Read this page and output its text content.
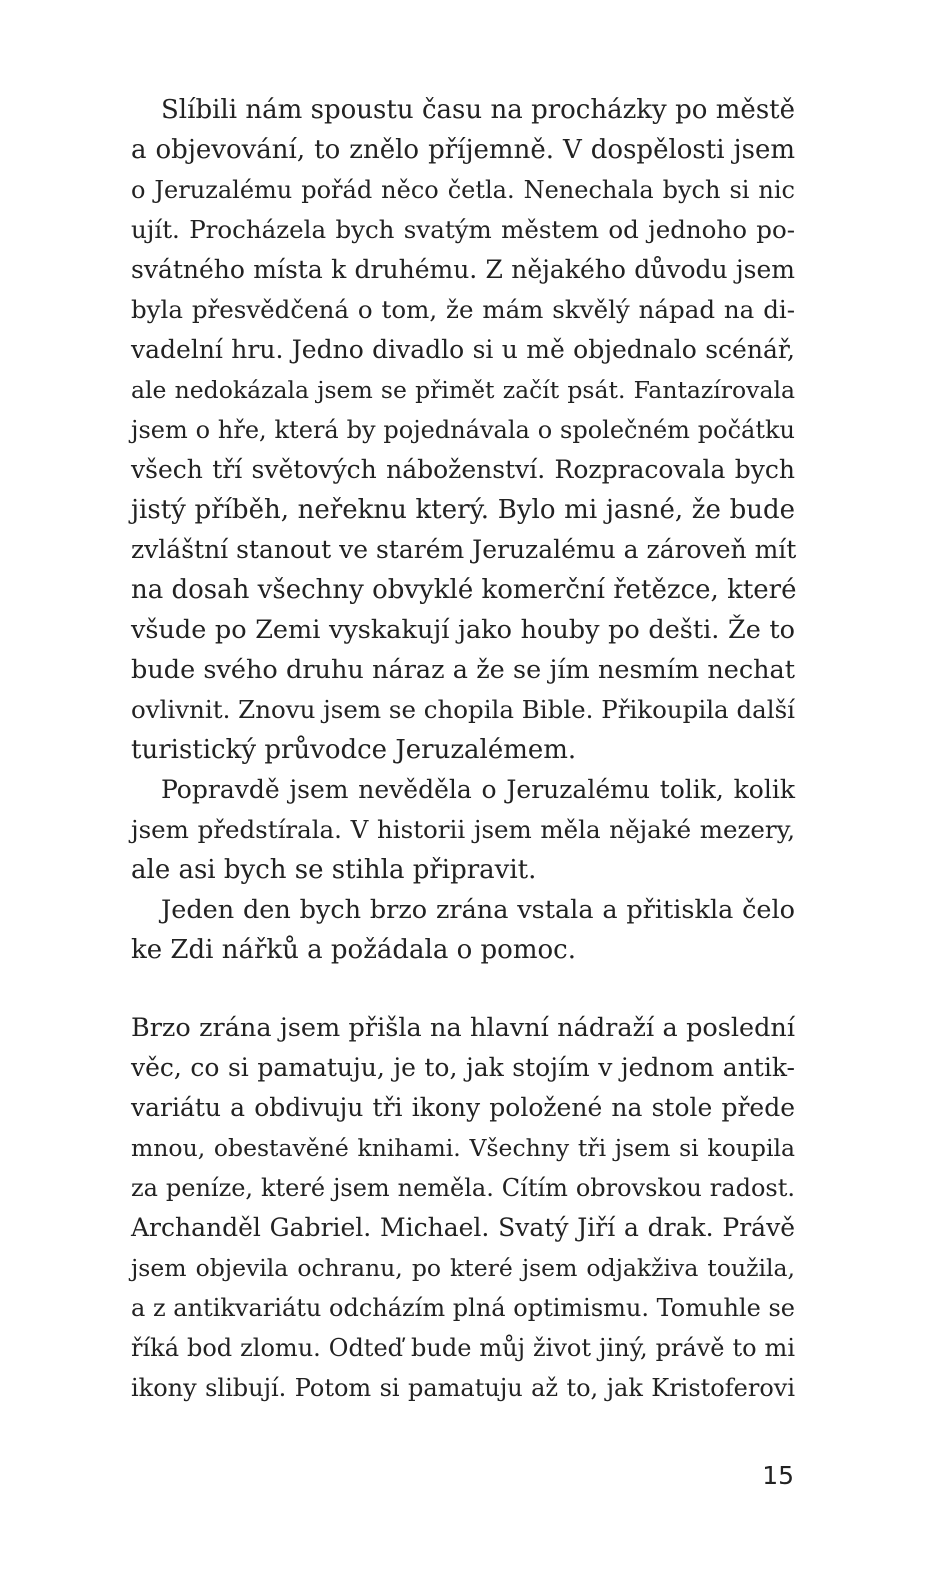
Slíbili nám spoustu času na procházky po městě
a objevování, to znělo příjemně. V dospělosti jsem
o Jeruzalému pořád něco četla. Nenechala bych si nic
ujít. Procházela bych svatým městem od jednoho po-
svátného místa k druhému. Z nějakého důvodu jsem
byla přesvědčená o tom, že mám skvělý nápad na di-
vadelní hru. Jedno divadlo si u mě objednalo scénář,
ale nedokázala jsem se přimět začít psát. Fantazírovala
jsem o hře, která by pojednávala o společném počátku
všech tří světových náboženství. Rozpracovala bych
jistý příběh, neřeknu který. Bylo mi jasné, že bude
zvláštní stanout ve starém Jeruzalému a zároveň mít
na dosah všechny obvyklé komerční řetězce, které
všude po Zemi vyskakují jako houby po dešti. Že to
bude svého druhu náraz a že se jím nesmím nechat
ovlivnit. Znovu jsem se chopila Bible. Přikoupila další
turistický průvodce Jeruzalémem.
Popravdě jsem nevěděla o Jeruzalému tolik, kolik
jsem předstírala. V historii jsem měla nějaké mezery,
ale asi bych se stihla připravit.
Jeden den bych brzo zrána vstala a přitiskla čelo
ke Zdi nářků a požádala o pomoc.
Brzo zrána jsem přišla na hlavní nádraží a poslední
věc, co si pamatuju, je to, jak stojím v jednom antik-
variátu a obdivuju tři ikony položené na stole přede
mnou, obestavěné knihami. Všechny tři jsem si koupila
za peníze, které jsem neměla. Cítím obrovskou radost.
Archanděl Gabriel. Michael. Svatý Jiří a drak. Právě
jsem objevila ochranu, po které jsem odjakživa toužila,
a z antikvariátu odcházím plná optimismu. Tomuhle se
říká bod zlomu. Odteď bude můj život jiný, právě to mi
ikony slibují. Potom si pamatuju až to, jak Kristoferovi
15
